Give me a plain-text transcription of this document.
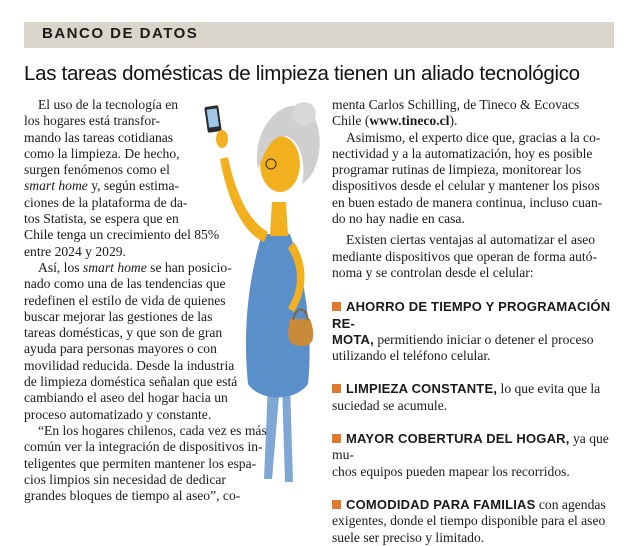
BANCO DE DATOS
Las tareas domésticas de limpieza tienen un aliado tecnológico

El uso de la tecnología en

los hogares está transfor-

mando las tareas cotidianas

como la limpieza. De hecho,

surgen fenómenos como el

smart home y, según estima-

ciones de la plataforma de da-

tos Statista, se espera que en

Chile tenga un crecimiento del 85%

entre 2024 y 2029.

Así, los smart home se han posicio-

nado como una de las tendencias que

redefinen el estilo de vida de quienes

buscar mejorar las gestiones de las

tareas domésticas, y que son de gran

ayuda para personas mayores o con

movilidad reducida. Desde la industria

de limpieza doméstica señalan que está

cambiando el aseo del hogar hacia un

proceso automatizado y constante.

“En los hogares chilenos, cada vez es más

común ver la integración de dispositivos in-

teligentes que permiten mantener los espa-

cios limpios sin necesidad de dedicar

grandes bloques de tiempo al aseo”, co-

menta Carlos Schilling, de Tineco & Ecovacs

Chile (www.tineco.cl).

Asimismo, el experto dice que, gracias a la co-

nectividad y a la automatización, hoy es posible

programar rutinas de limpieza, monitorear los

dispositivos desde el celular y mantener los pisos

en buen estado de manera continua, incluso cuan-

do no hay nadie en casa.

Existen ciertas ventajas al automatizar el aseo

mediante dispositivos que operan de forma autó-

noma y se controlan desde el celular:

AHORRO DE TIEMPO Y PROGRAMACIÓN RE-

MOTA, permitiendo iniciar o detener el proceso

utilizando el teléfono celular.

LIMPIEZA CONSTANTE, lo que evita que la

suciedad se acumule.

MAYOR COBERTURA DEL HOGAR, ya que mu-

chos equipos pueden mapear los recorridos.

COMODIDAD PARA FAMILIAS con agendas

exigentes, donde el tiempo disponible para el aseo

suele ser preciso y limitado.
